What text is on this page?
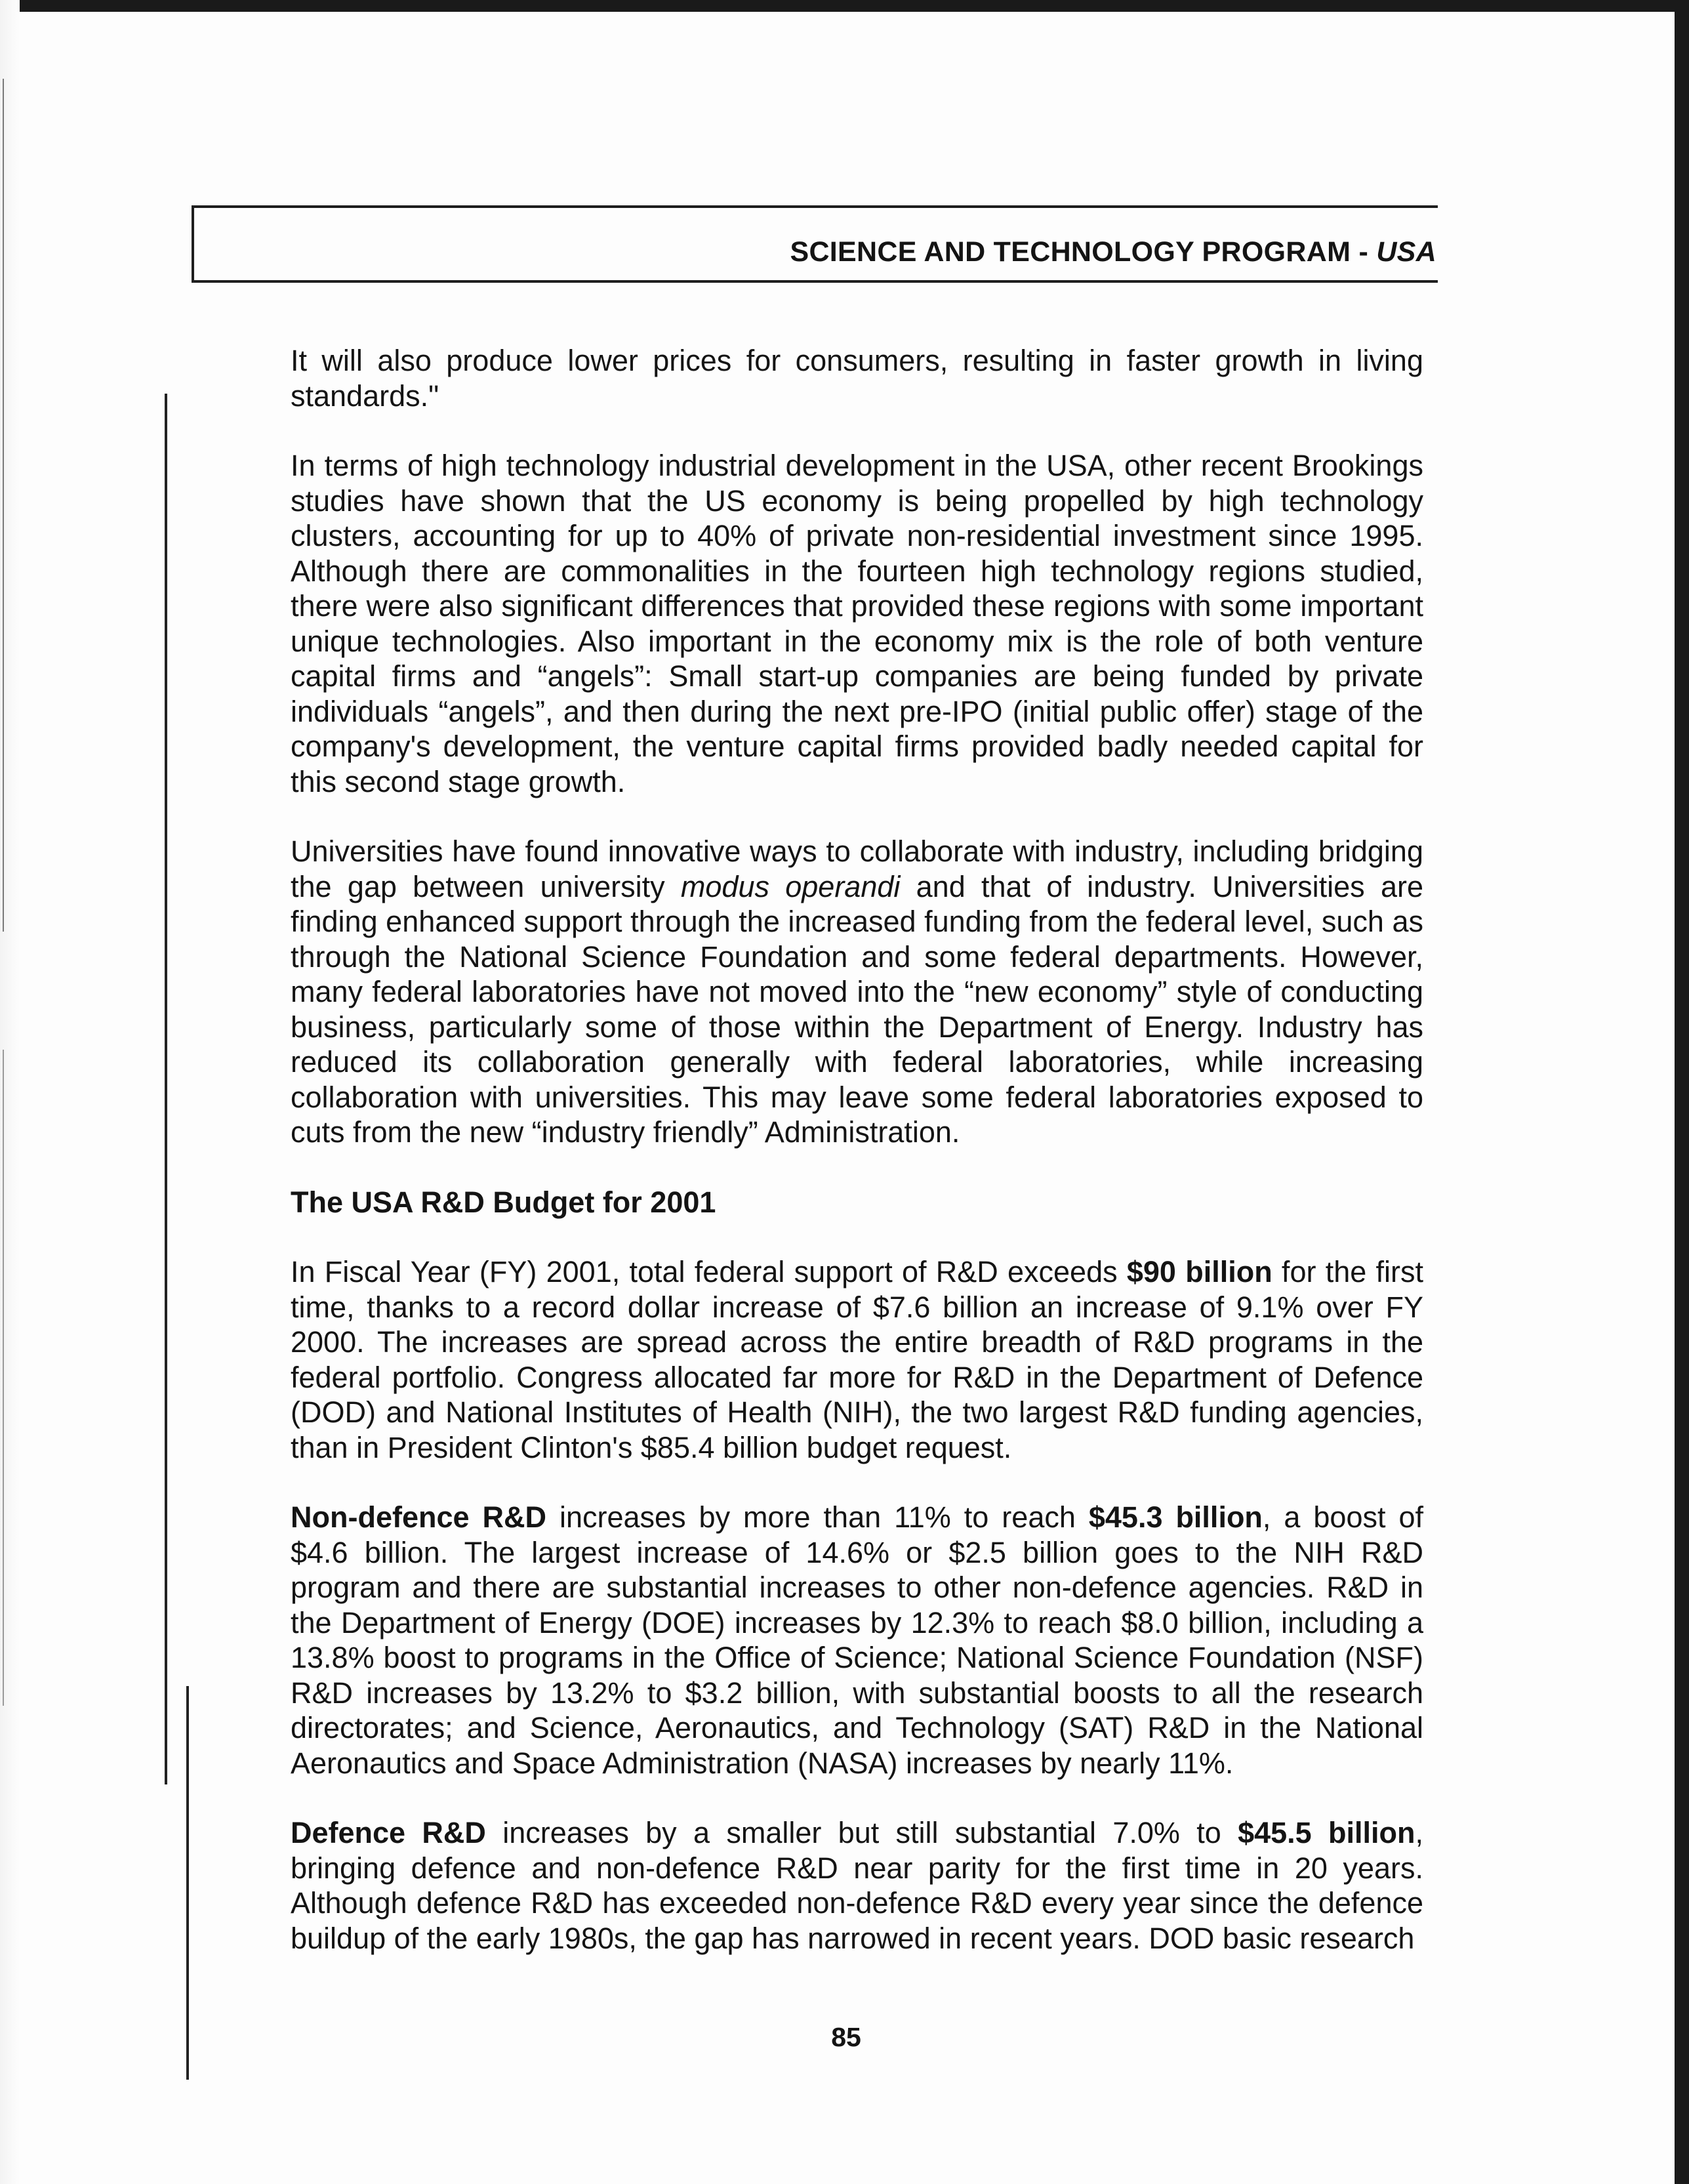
SCIENCE AND TECHNOLOGY PROGRAM - USA

It will also produce lower prices for consumers, resulting in faster growth in living standards."

In terms of high technology industrial development in the USA, other recent Brookings studies have shown that the US economy is being propelled by high technology clusters, accounting for up to 40% of private non-residential investment since 1995. Although there are commonalities in the fourteen high technology regions studied, there were also significant differences that provided these regions with some important unique technologies. Also important in the economy mix is the role of both venture capital firms and “angels”: Small start-up companies are being funded by private individuals “angels”, and then during the next pre-IPO (initial public offer) stage of the company's development, the venture capital firms provided badly needed capital for this second stage growth.

Universities have found innovative ways to collaborate with industry, including bridging the gap between university modus operandi and that of industry. Universities are finding enhanced support through the increased funding from the federal level, such as through the National Science Foundation and some federal departments. However, many federal laboratories have not moved into the “new economy” style of conducting business, particularly some of those within the Department of Energy. Industry has reduced its collaboration generally with federal laboratories, while increasing collaboration with universities. This may leave some federal laboratories exposed to cuts from the new “industry friendly” Administration.

The USA R&D Budget for 2001

In Fiscal Year (FY) 2001, total federal support of R&D exceeds $90 billion for the first time, thanks to a record dollar increase of $7.6 billion an increase of 9.1% over FY 2000. The increases are spread across the entire breadth of R&D programs in the federal portfolio. Congress allocated far more for R&D in the Department of Defence (DOD) and National Institutes of Health (NIH), the two largest R&D funding agencies, than in President Clinton's $85.4 billion budget request.

Non-defence R&D increases by more than 11% to reach $45.3 billion, a boost of $4.6 billion. The largest increase of 14.6% or $2.5 billion goes to the NIH R&D program and there are substantial increases to other non-defence agencies. R&D in the Department of Energy (DOE) increases by 12.3% to reach $8.0 billion, including a 13.8% boost to programs in the Office of Science; National Science Foundation (NSF) R&D increases by 13.2% to $3.2 billion, with substantial boosts to all the research directorates; and Science, Aeronautics, and Technology (SAT) R&D in the National Aeronautics and Space Administration (NASA) increases by nearly 11%.

Defence R&D increases by a smaller but still substantial 7.0% to $45.5 billion, bringing defence and non-defence R&D near parity for the first time in 20 years. Although defence R&D has exceeded non-defence R&D every year since the defence buildup of the early 1980s, the gap has narrowed in recent years. DOD basic research

85
